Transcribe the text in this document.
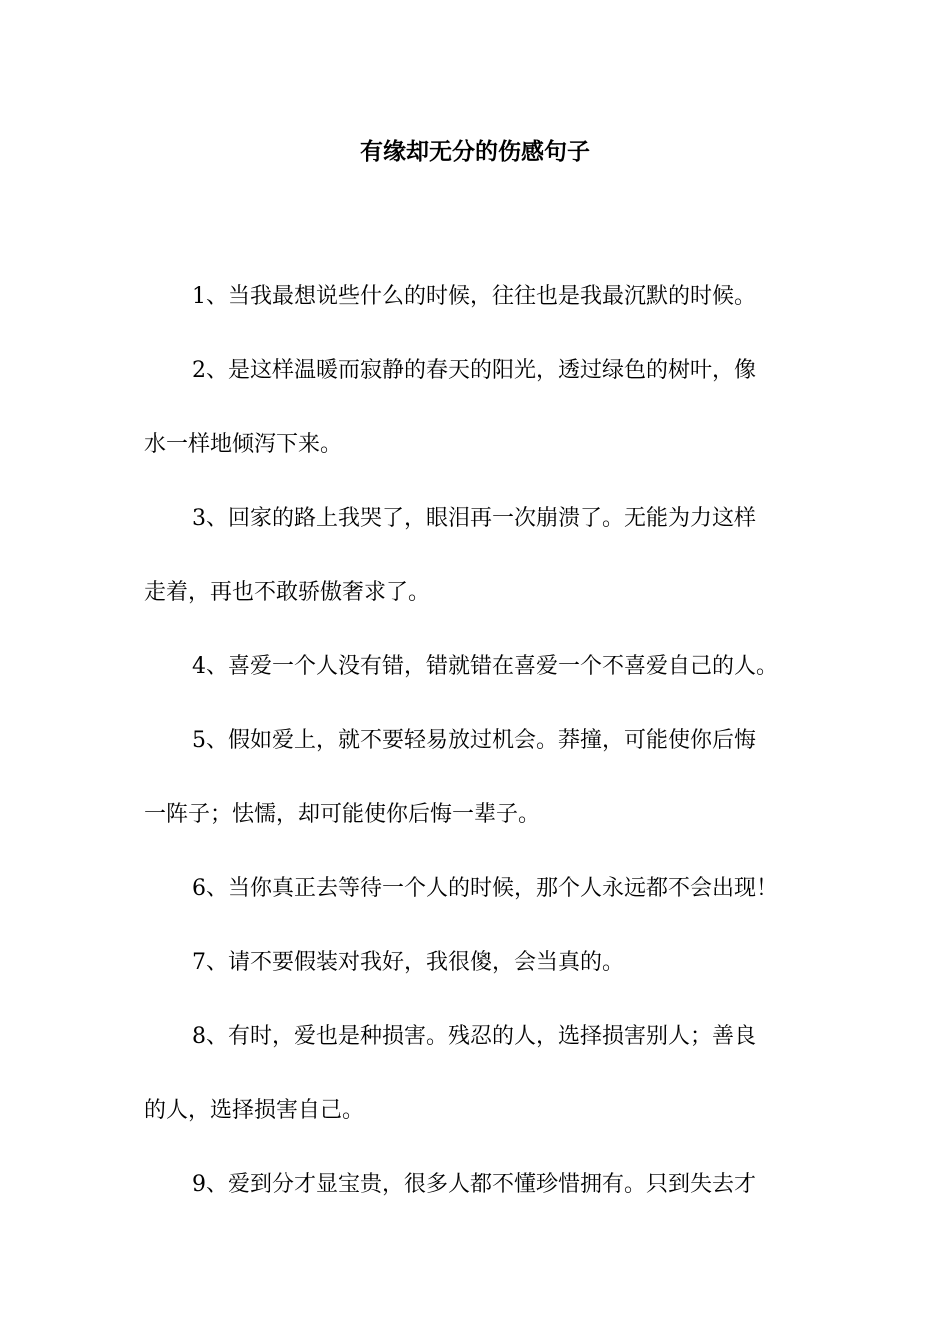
有缘却无分的伤感句子

1、当我最想说些什么的时候，往往也是我最沉默的时候。

2、是这样温暖而寂静的春天的阳光，透过绿色的树叶，像
水一样地倾泻下来。

3、回家的路上我哭了，眼泪再一次崩溃了。无能为力这样
走着，再也不敢骄傲奢求了。

4、喜爱一个人没有错，错就错在喜爱一个不喜爱自己的人。

5、假如爱上，就不要轻易放过机会。莽撞，可能使你后悔
一阵子；怯懦，却可能使你后悔一辈子。

6、当你真正去等待一个人的时候，那个人永远都不会出现！

7、请不要假装对我好，我很傻，会当真的。

8、有时，爱也是种损害。残忍的人，选择损害别人；善良
的人，选择损害自己。

9、爱到分才显宝贵，很多人都不懂珍惜拥有。只到失去才
